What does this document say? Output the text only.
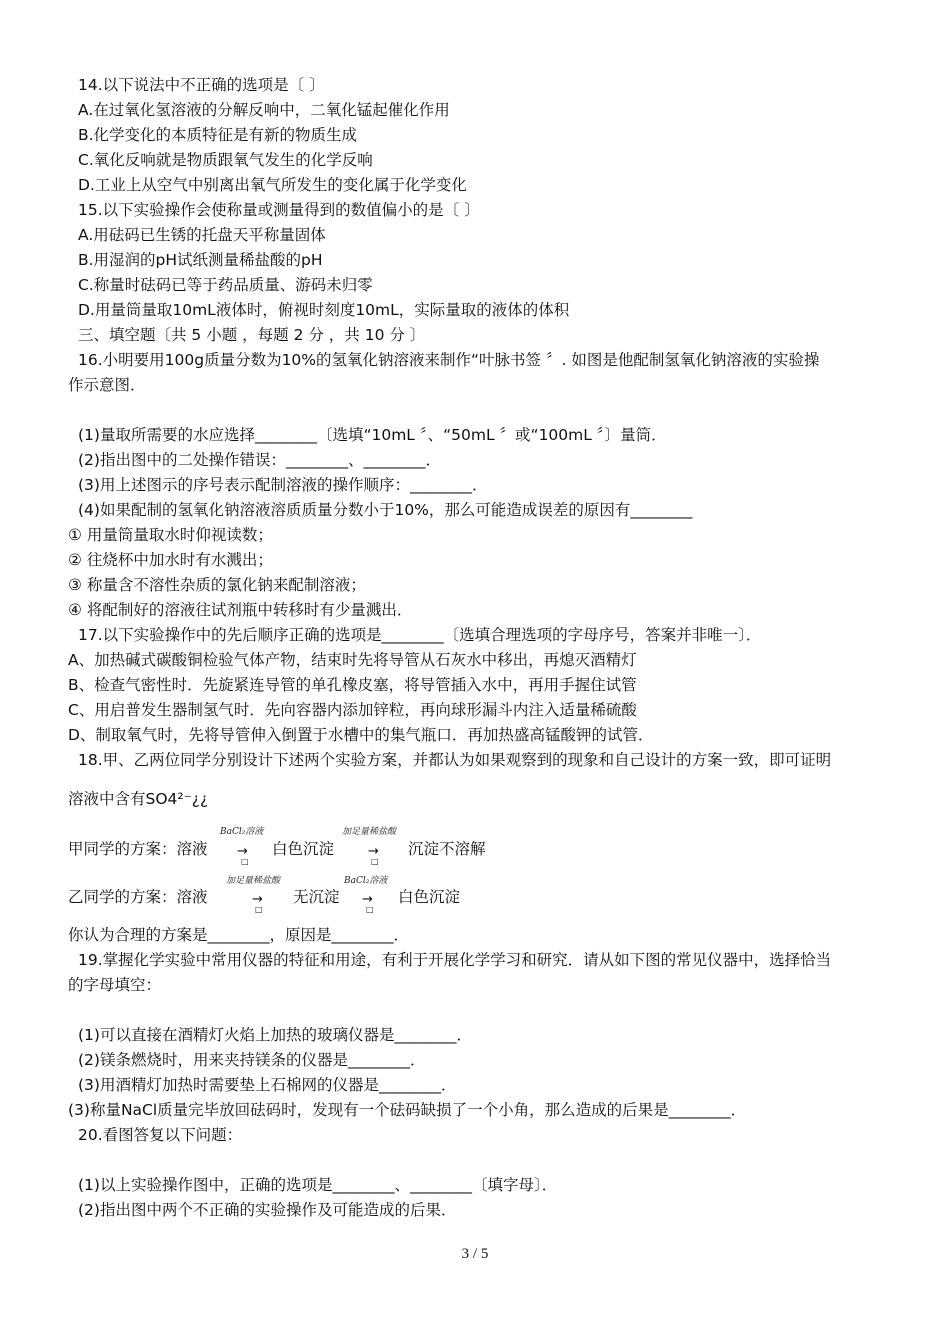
14.以下说法中不正确的选项是〔 〕
A.在过氧化氢溶液的分解反响中，二氧化锰起催化作用
B.化学变化的本质特征是有新的物质生成
C.氧化反响就是物质跟氧气发生的化学反响
D.工业上从空气中别离出氧气所发生的变化属于化学变化
15.以下实验操作会使称量或测量得到的数值偏小的是〔 〕
A.用砝码已生锈的托盘天平称量固体
B.用湿润的pH试纸测量稀盐酸的pH
C.称量时砝码已等于药品质量、游码未归零
D.用量筒量取10mL液体时，俯视时刻度10mL，实际量取的液体的体积
三、填空题〔共 5 小题 ，每题 2 分 ，共 10 分 〕
16.小明要用100g质量分数为10%的氢氧化钠溶液来制作“叶脉书签 〞. 如图是他配制氢氧化钠溶液的实验操
作示意图．
(1)量取所需要的水应选择________〔选填“10mL 〞、“50mL 〞或“100mL 〞〕量筒．
(2)指出图中的二处操作错误：________、________．
(3)用上述图示的序号表示配制溶液的操作顺序：________．
(4)如果配制的氢氧化钠溶液溶质质量分数小于10%，那么可能造成误差的原因有________
① 用量筒量取水时仰视读数；
② 往烧杯中加水时有水溅出；
③ 称量含不溶性杂质的氯化钠来配制溶液；
④ 将配制好的溶液往试剂瓶中转移时有少量溅出．
17.以下实验操作中的先后顺序正确的选项是________〔选填合理选项的字母序号，答案并非唯一〕．
A、加热碱式碳酸铜检验气体产物，结束时先将导管从石灰水中移出，再熄灭酒精灯
B、检查气密性时．先旋紧连导管的单孔橡皮塞，将导管插入水中，再用手握住试管
C、用启普发生器制氢气时．先向容器内添加锌粒，再向球形漏斗内注入适量稀硫酸
D、制取氧气时，先将导管伸入倒置于水槽中的集气瓶口．再加热盛高锰酸钾的试管．
18.甲、乙两位同学分别设计下述两个实验方案，并都认为如果观察到的现象和自己设计的方案一致，即可证明
溶液中含有SO4²⁻¿¿
甲同学的方案：溶液
BaCl₂溶液
→
□
白色沉淀
加足量稀盐酸
→
□
沉淀不溶解
乙同学的方案：溶液
加足量稀盐酸
→
□
无沉淀
BaCl₂溶液
→
□
白色沉淀
你认为合理的方案是________，原因是________．
19.掌握化学实验中常用仪器的特征和用途，有利于开展化学学习和研究．请从如下图的常见仪器中，选择恰当
的字母填空：
(1)可以直接在酒精灯火焰上加热的玻璃仪器是________．
(2)镁条燃烧时，用来夹持镁条的仪器是________．
(3)用酒精灯加热时需要垫上石棉网的仪器是________．
(3)称量NaCl质量完毕放回砝码时，发现有一个砝码缺损了一个小角，那么造成的后果是________．
20.看图答复以下问题：
(1)以上实验操作图中，正确的选项是________、________〔填字母〕．
(2)指出图中两个不正确的实验操作及可能造成的后果．
3 / 5
